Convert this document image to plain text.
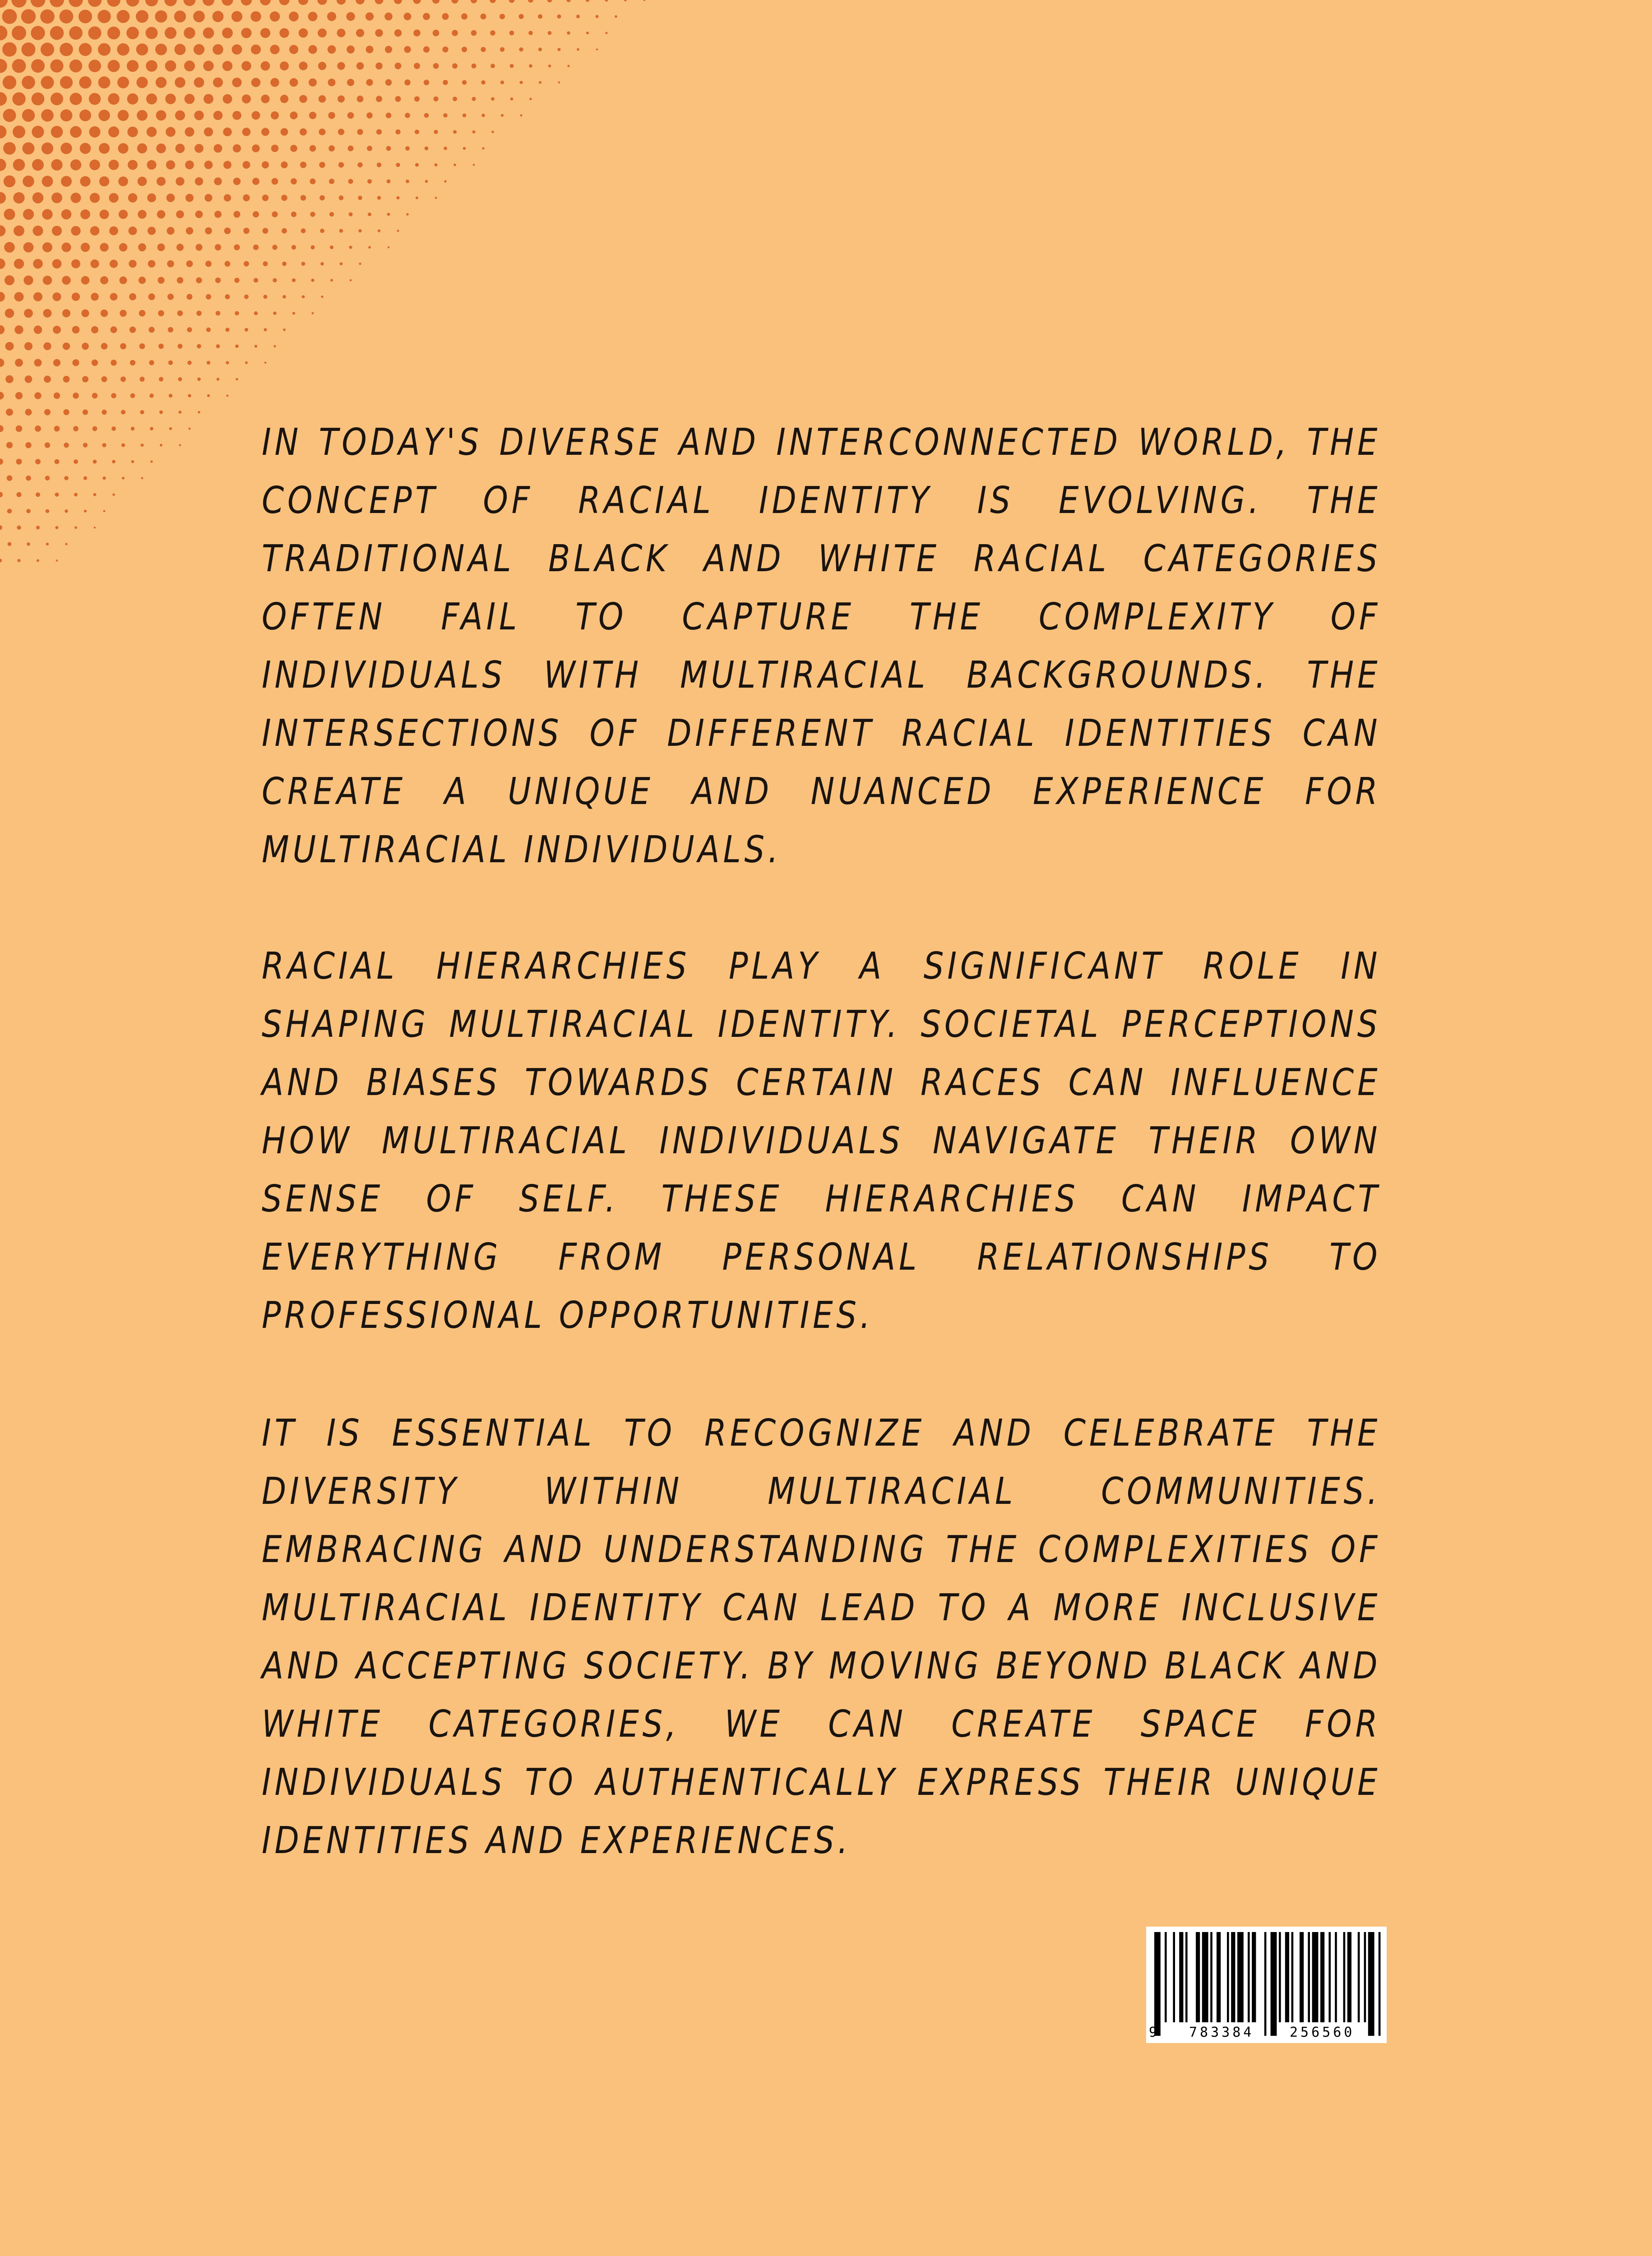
IN TODAY'S DIVERSE AND INTERCONNECTED WORLD, THE CONCEPT OF RACIAL IDENTITY IS EVOLVING. THE TRADITIONAL BLACK AND WHITE RACIAL CATEGORIES OFTEN FAIL TO CAPTURE THE COMPLEXITY OF INDIVIDUALS WITH MULTIRACIAL BACKGROUNDS. THE INTERSECTIONS OF DIFFERENT RACIAL IDENTITIES CAN CREATE A UNIQUE AND NUANCED EXPERIENCE FOR MULTIRACIAL INDIVIDUALS.

RACIAL HIERARCHIES PLAY A SIGNIFICANT ROLE IN SHAPING MULTIRACIAL IDENTITY. SOCIETAL PERCEPTIONS AND BIASES TOWARDS CERTAIN RACES CAN INFLUENCE HOW MULTIRACIAL INDIVIDUALS NAVIGATE THEIR OWN SENSE OF SELF. THESE HIERARCHIES CAN IMPACT EVERYTHING FROM PERSONAL RELATIONSHIPS TO PROFESSIONAL OPPORTUNITIES.

IT IS ESSENTIAL TO RECOGNIZE AND CELEBRATE THE DIVERSITY WITHIN MULTIRACIAL COMMUNITIES. EMBRACING AND UNDERSTANDING THE COMPLEXITIES OF MULTIRACIAL IDENTITY CAN LEAD TO A MORE INCLUSIVE AND ACCEPTING SOCIETY. BY MOVING BEYOND BLACK AND WHITE CATEGORIES, WE CAN CREATE SPACE FOR INDIVIDUALS TO AUTHENTICALLY EXPRESS THEIR UNIQUE IDENTITIES AND EXPERIENCES.

9 783384	256560
